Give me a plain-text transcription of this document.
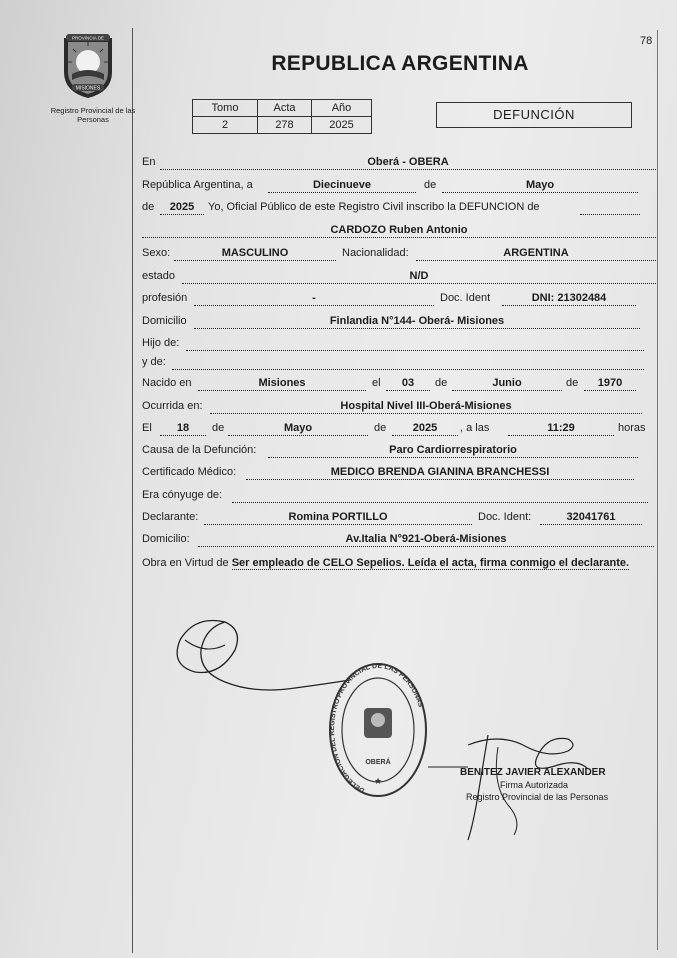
78
PROVINCIA DE
MISIONES
Registro Provincial de las Personas
REPUBLICA ARGENTINA
Tomo	Acta	Año
2	278	2025
DEFUNCIÓN
En	Oberá - OBERA
República Argentina, a	Diecinueve	de	Mayo
de	2025	Yo, Oficial Público de este Registro Civil inscribo la DEFUNCION de
CARDOZO Ruben Antonio
Sexo:	MASCULINO	Nacionalidad:	ARGENTINA
estado	N/D
profesión	-	Doc. Ident	DNI: 21302484
Domicilio	Finlandia N°144- Oberá- Misiones
Hijo de:
y de:
Nacido en	Misiones	el	03	de	Junio	de	1970
Ocurrida en:	Hospital Nivel III-Oberá-Misiones
El	18	de	Mayo	de	2025	, a las	11:29	horas
Causa de la Defunción:	Paro Cardiorrespiratorio
Certificado Médico:	MEDICO BRENDA GIANINA BRANCHESSI
Era cónyuge de:
Declarante:	Romina PORTILLO	Doc. Ident:	32041761
Domicilio:	Av.Italia N°921-Oberá-Misiones
Obra en Virtud de Ser empleado de CELO Sepelios. Leída el acta, firma conmigo el declarante.
DELEGACION DEL REGISTRO PROVINCIAL DE LAS PERSONAS
OBERÁ
★
BENITEZ JAVIER ALEXANDER
Firma Autorizada
Registro Provincial de las Personas
